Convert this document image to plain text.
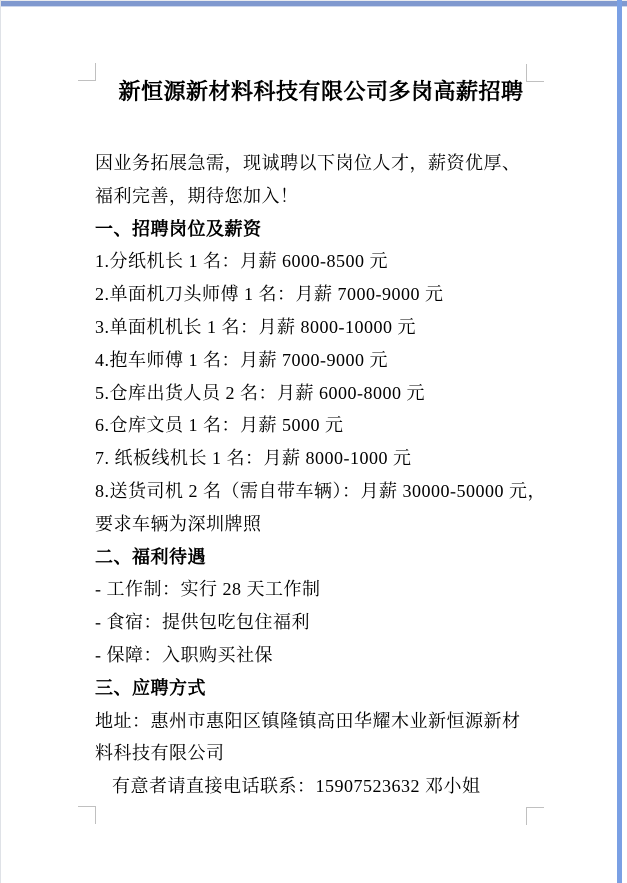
新恒源新材料科技有限公司多岗高薪招聘
因业务拓展急需，现诚聘以下岗位人才，薪资优厚、
福利完善，期待您加入！
一、招聘岗位及薪资
1.分纸机长 1 名：月薪 6000-8500 元
2.单面机刀头师傅 1 名：月薪 7000-9000 元
3.单面机机长 1 名：月薪 8000-10000 元
4.抱车师傅 1 名：月薪 7000-9000 元
5.仓库出货人员 2 名：月薪 6000-8000 元
6.仓库文员 1 名：月薪 5000 元
7. 纸板线机长 1 名：月薪 8000-1000 元
8.送货司机 2 名（需自带车辆）：月薪 30000-50000 元，
要求车辆为深圳牌照
二、福利待遇
- 工作制：实行 28 天工作制
- 食宿：提供包吃包住福利
- 保障：入职购买社保
三、应聘方式
地址：惠州市惠阳区镇隆镇高田华耀木业新恒源新材
料科技有限公司
有意者请直接电话联系：15907523632 邓小姐
